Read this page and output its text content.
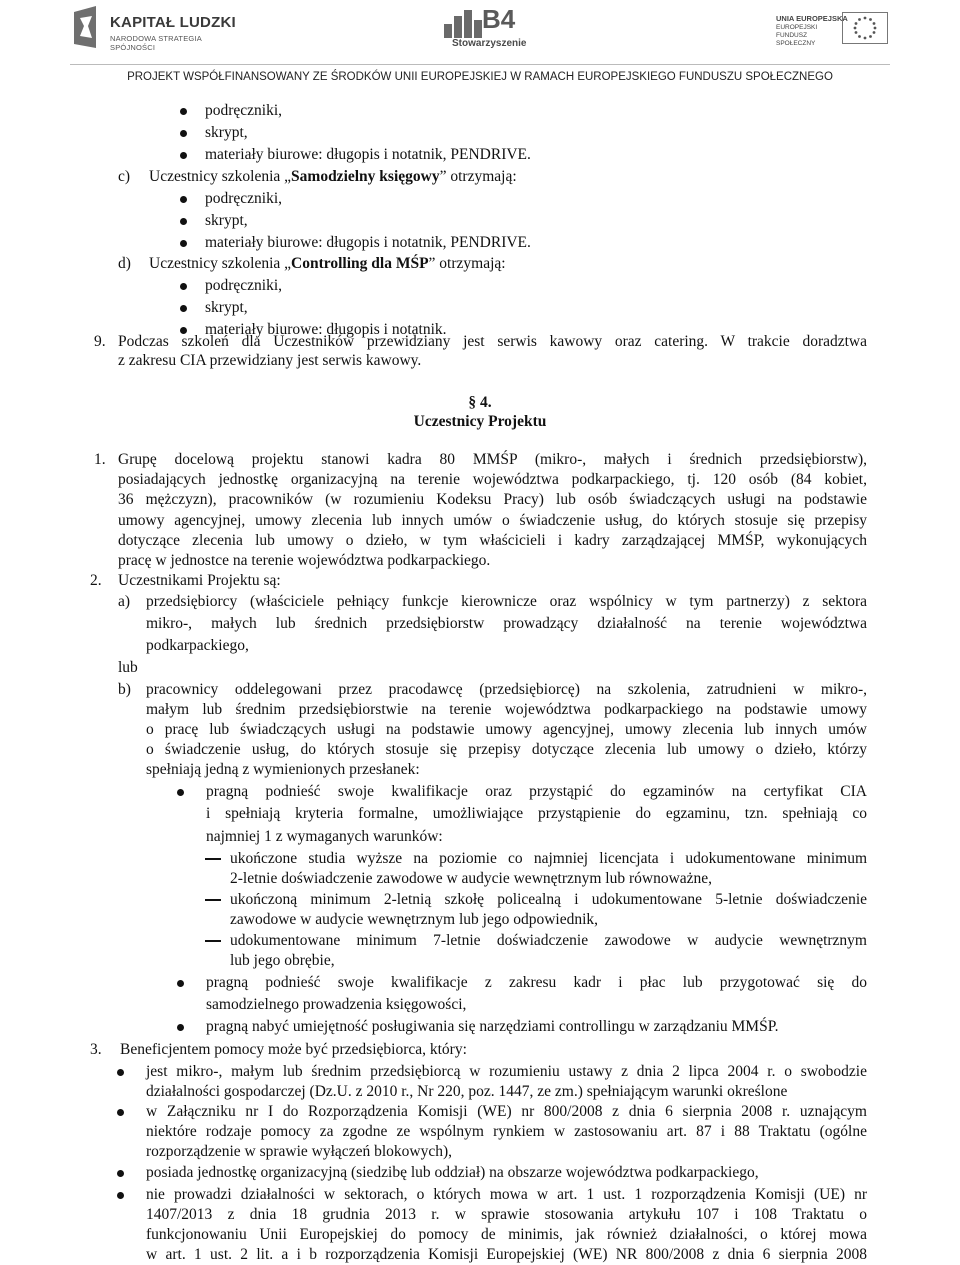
KAPITAŁ LUDZKI
NARODOWA STRATEGIA SPÓJNOŚCI
B4
Stowarzyszenie
UNIA EUROPEJSKA
EUROPEJSKI FUNDUSZ SPOŁECZNY
PROJEKT WSPÓŁFINANSOWANY ZE ŚRODKÓW UNII EUROPEJSKIEJ W RAMACH EUROPEJSKIEGO FUNDUSZU SPOŁECZNEGO
podręczniki,
skrypt,
materiały biurowe: długopis i notatnik, PENDRIVE.
c) Uczestnicy szkolenia „Samodzielny księgowy” otrzymają:
podręczniki,
skrypt,
materiały biurowe: długopis i notatnik, PENDRIVE.
d) Uczestnicy szkolenia „Controlling dla MŚP” otrzymają:
podręczniki,
skrypt,
materiały biurowe: długopis i notatnik.
9. Podczas szkoleń dla Uczestników przewidziany jest serwis kawowy oraz catering. W trakcie doradztwa
z zakresu CIA przewidziany jest serwis kawowy.
§ 4.
Uczestnicy Projektu
1. Grupę docelową projektu stanowi kadra 80 MMŚP (mikro-, małych i średnich przedsiębiorstw),
posiadających jednostkę organizacyjną na terenie województwa podkarpackiego, tj. 120 osób (84 kobiet,
36 mężczyzn), pracowników (w rozumieniu Kodeksu Pracy) lub osób świadczących usługi na podstawie
umowy agencyjnej, umowy zlecenia lub innych umów o świadczenie usług, do których stosuje się przepisy
dotyczące zlecenia lub umowy o dzieło, w tym właścicieli i kadry zarządzającej MMŚP, wykonujących
pracę w jednostce na terenie województwa podkarpackiego.
2. Uczestnikami Projektu są:
a) przedsiębiorcy (właściciele pełniący funkcje kierownicze oraz wspólnicy w tym partnerzy) z sektora
mikro-, małych lub średnich przedsiębiorstw prowadzący działalność na terenie województwa
podkarpackiego,
lub
b) pracownicy oddelegowani przez pracodawcę (przedsiębiorcę) na szkolenia, zatrudnieni w mikro-,
małym lub średnim przedsiębiorstwie na terenie województwa podkarpackiego na podstawie umowy
o pracę lub świadczących usługi na podstawie umowy agencyjnej, umowy zlecenia lub innych umów
o świadczenie usług, do których stosuje się przepisy dotyczące zlecenia lub umowy o dzieło, którzy
spełniają jedną z wymienionych przesłanek:
pragną podnieść swoje kwalifikacje oraz przystąpić do egzaminów na certyfikat CIA
i spełniają kryteria formalne, umożliwiające przystąpienie do egzaminu, tzn. spełniają co
najmniej 1 z wymaganych warunków:
ukończone studia wyższe na poziomie co najmniej licencjata i udokumentowane minimum
2-letnie doświadczenie zawodowe w audycie wewnętrznym lub równoważne,
ukończoną minimum 2-letnią szkołę policealną i udokumentowane 5-letnie doświadczenie
zawodowe w audycie wewnętrznym lub jego odpowiednik,
udokumentowane minimum 7-letnie doświadczenie zawodowe w audycie wewnętrznym
lub jego obrębie,
pragną podnieść swoje kwalifikacje z zakresu kadr i płac lub przygotować się do
samodzielnego prowadzenia księgowości,
pragną nabyć umiejętność posługiwania się narzędziami controllingu w zarządzaniu MMŚP.
3. Beneficjentem pomocy może być przedsiębiorca, który:
jest mikro-, małym lub średnim przedsiębiorcą w rozumieniu ustawy z dnia 2 lipca 2004 r. o swobodzie
działalności gospodarczej (Dz.U. z 2010 r., Nr 220, poz. 1447, ze zm.) spełniającym warunki określone
w Załączniku nr I do Rozporządzenia Komisji (WE) nr 800/2008 z dnia 6 sierpnia 2008 r. uznającym
niektóre rodzaje pomocy za zgodne ze wspólnym rynkiem w zastosowaniu art. 87 i 88 Traktatu (ogólne
rozporządzenie w sprawie wyłączeń blokowych),
posiada jednostkę organizacyjną (siedzibę lub oddział) na obszarze województwa podkarpackiego,
nie prowadzi działalności w sektorach, o których mowa w art. 1 ust. 1 rozporządzenia Komisji (UE) nr
1407/2013 z dnia 18 grudnia 2013 r. w sprawie stosowania artykułu 107 i 108 Traktatu o
funkcjonowaniu Unii Europejskiej do pomocy de minimis, jak również działalności, o której mowa
w art. 1 ust. 2 lit. a i b rozporządzenia Komisji Europejskiej (WE) NR 800/2008 z dnia 6 sierpnia 2008
